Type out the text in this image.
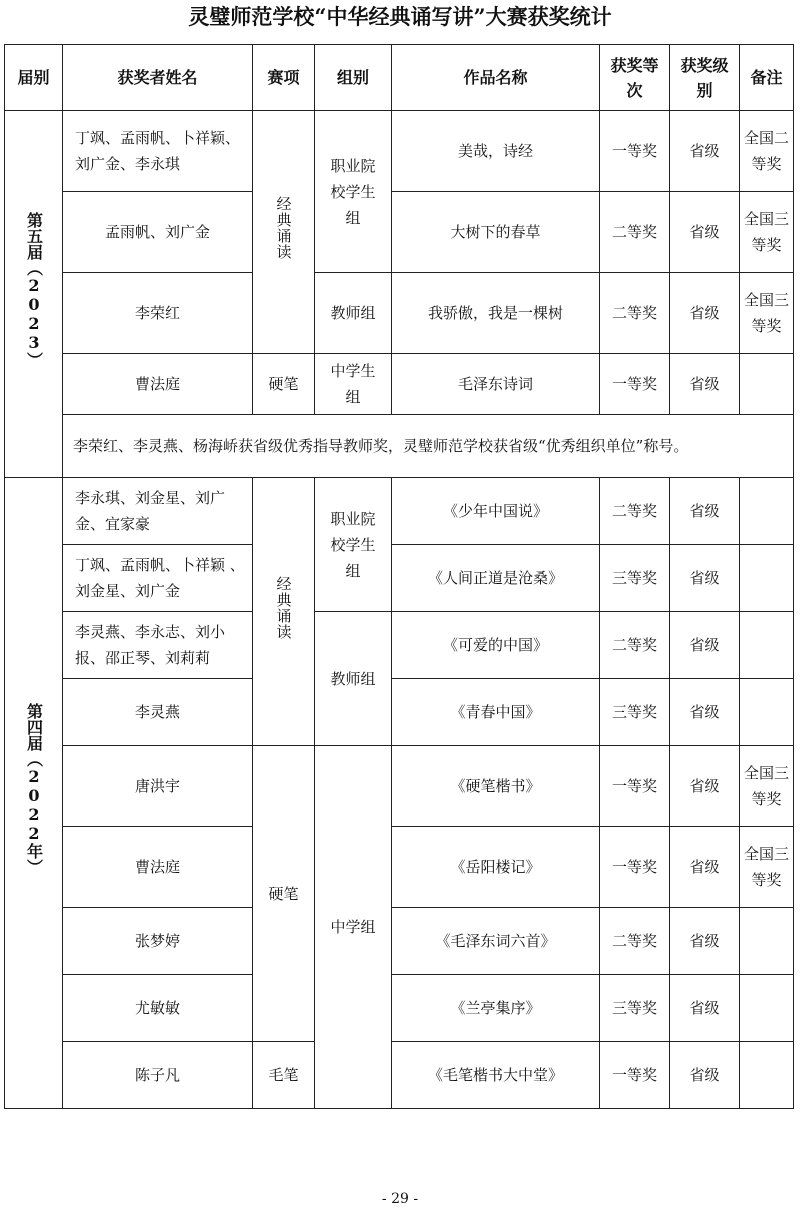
灵璧师范学校“中华经典诵写讲”大赛获奖统计
届别	获奖者姓名	赛项	组别	作品名称	获奖等次	获奖级别	备注
第五届（2023）	丁飒、孟雨帆、卜祥颖、刘广金、李永琪	经典诵读	职业院校学生组	美哉，诗经	一等奖	省级	全国二等奖
	孟雨帆、刘广金			大树下的春草	二等奖	省级	全国三等奖
	李荣红		教师组	我骄傲，我是一棵树	二等奖	省级	全国三等奖
	曹法庭	硬笔	中学生组	毛泽东诗词	一等奖	省级	
	李荣红、李灵燕、杨海峤获省级优秀指导教师奖，灵璧师范学校获省级“优秀组织单位”称号。						
第四届（2022年）	李永琪、刘金星、刘广金、宜家豪	经典诵读	职业院校学生组	《少年中国说》	二等奖	省级	
	丁飒、孟雨帆、卜祥颖 、刘金星、刘广金			《人间正道是沧桑》	三等奖	省级	
	李灵燕、李永志、刘小报、邵正琴、刘莉莉		教师组	《可爱的中国》	二等奖	省级	
	李灵燕			《青春中国》	三等奖	省级	
	唐洪宇	硬笔	中学组	《硬笔楷书》	一等奖	省级	全国三等奖
	曹法庭			《岳阳楼记》	一等奖	省级	全国三等奖
	张梦婷			《毛泽东词六首》	二等奖	省级	
	尤敏敏			《兰亭集序》	三等奖	省级	
	陈子凡	毛笔		《毛笔楷书大中堂》	一等奖	省级	
- 29 -
